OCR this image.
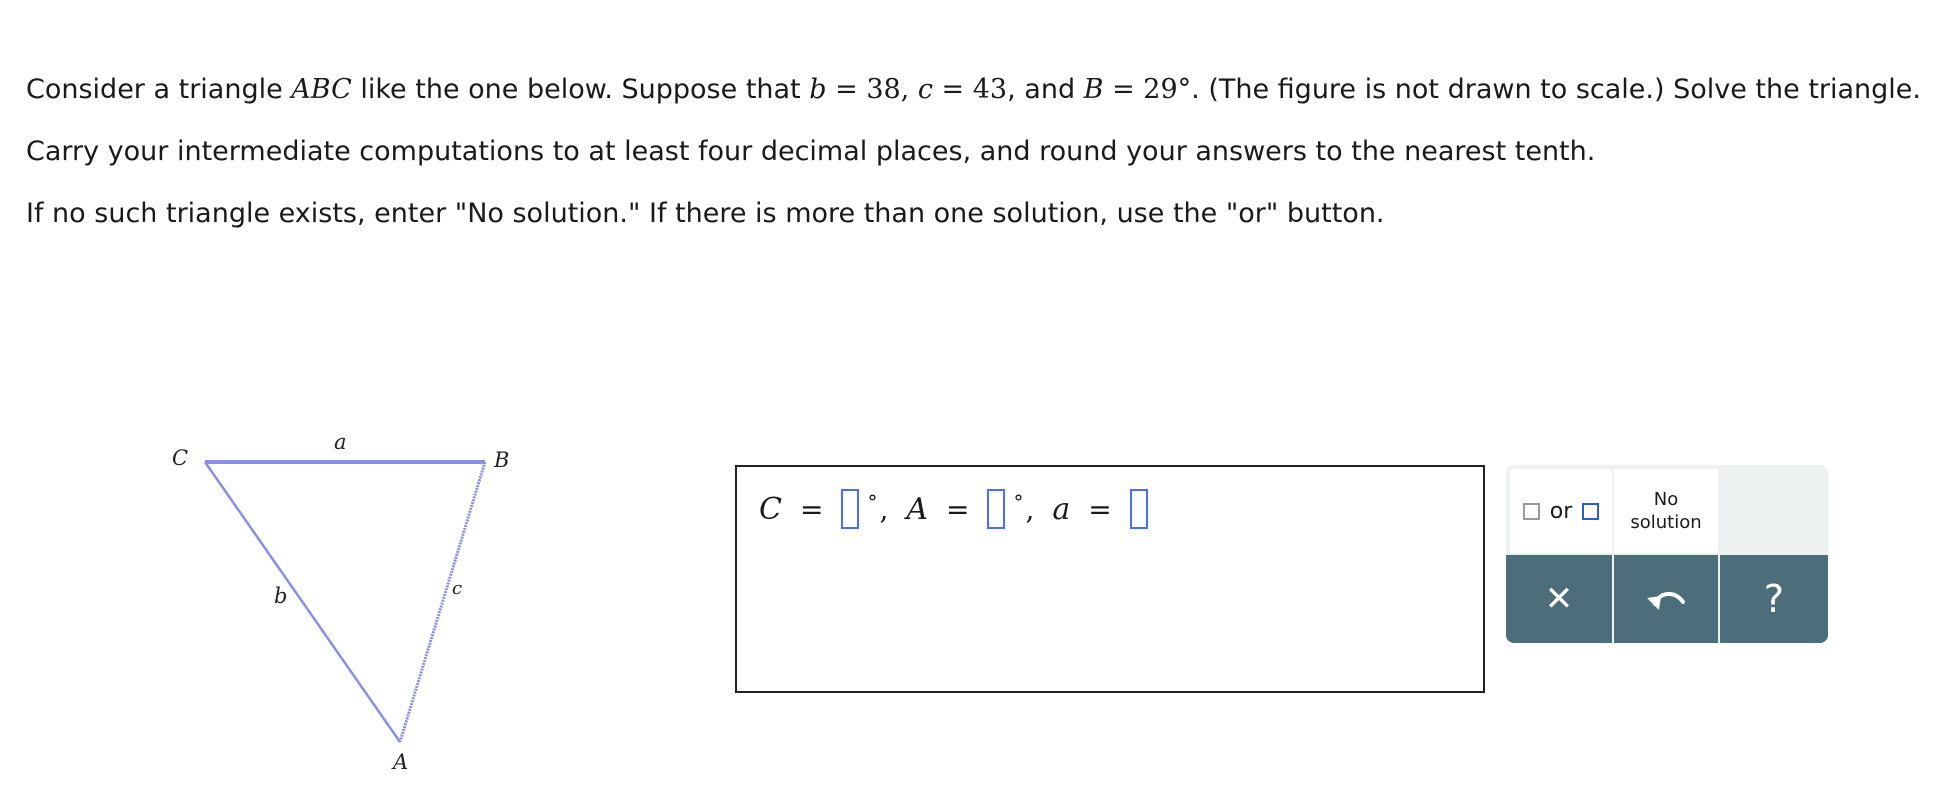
Consider a triangle ABC like the one below. Suppose that b = 38, c = 43, and B = 29°. (The figure is not drawn to scale.) Solve the triangle.

Carry your intermediate computations to at least four decimal places, and round your answers to the nearest tenth.

If no such triangle exists, enter "No solution." If there is more than one solution, use the "or" button.

C	B
A
a
b	c
C = ° , A = ° , a =	or	No
solution
✕	?
